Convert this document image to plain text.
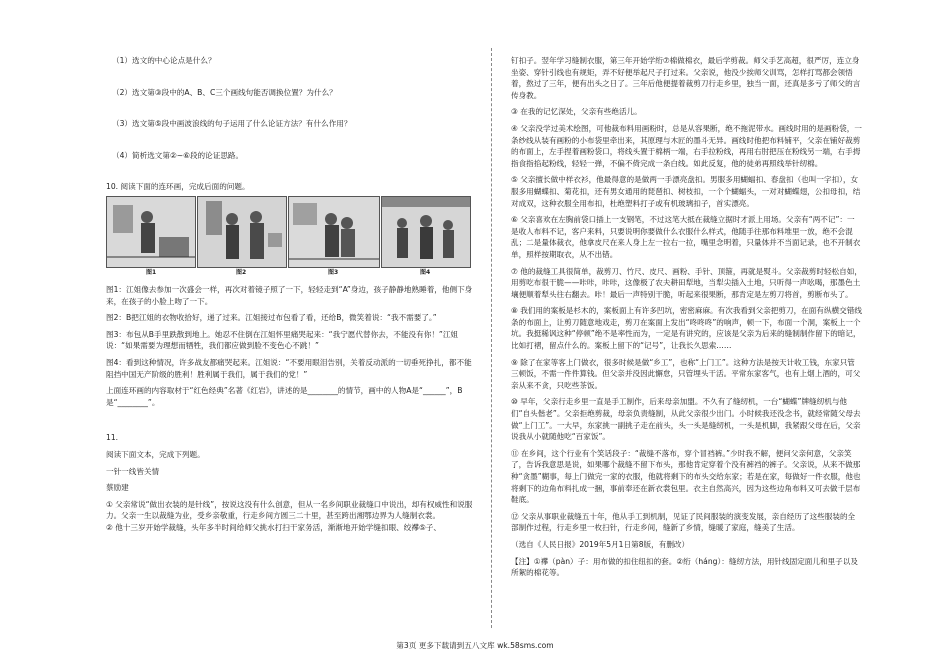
（1）选文的中心论点是什么？

（2）选文第③段中的A、B、C三个画线句能否调换位置？为什么？

（3）选文第⑤段中画波浪线的句子运用了什么论证方法？有什么作用？

（4）简析选文第②~⑥段的论证思路。

10. 阅读下面的连环画，完成后面的问题。

图1	图2	图3	图4

图1：江姐像去参加一次盛会一样，再次对着镜子照了一下，轻轻走到“A”身边，孩子静静地熟睡着，他侧下身来，在孩子的小脸上吻了一下。

图2：B把江姐的衣物收拾好，递了过来。江姐接过布包看了看，还给B，微笑着说：“我不需要了。”

图3：布包从B手里跌散到地上。她忍不住倒在江姐怀里痛哭起来：“我宁愿代替你去，不能没有你！”江姐说：“如果需要为理想而牺牲，我们都应做到脸不变色心不跳！”

图4：看到这种情况，许多战友都痛哭起来。江姐说：“不要用眼泪告别，关着反动派的一切垂死挣扎，都不能阻挡中国无产阶级的胜利！胜利属于我们，属于我们的党！”

上面连环画的内容取材于“红色经典”名著《红岩》，讲述的是________的情节，画中的人物A是“______”，B是“________”。

11.

阅读下面文本，完成下列题。

一针一线皆关情

蔡励建

① 父亲常说“做出衣装的是针线”，按说这没有什么创意，但从一名乡间职业裁缝口中说出，却有权威性和说服力。父亲一生以裁缝为业，受乡亲敬重，行走乡间方圆三二十里，甚至跨出湘鄂边界为人缝制衣裳。

② 他十三岁开始学裁缝，头年多半时间给师父挑水打扫干家务活，渐渐地开始学缝扣眼、绞襻⑤子、

钉扣子。翌年学习缝制衣服，第三年开始学绗⑦棉做棉衣，最后学剪裁。师父手艺高超，很严厉，连立身坐姿、穿针引线也有规矩，弄不好便举起尺子打过来。父亲说，他没少挨师父训骂，怎样打骂都会领悟着，熬过了三年，便有出头之日了。三年后他便提着裁剪刀行走乡里，独当一面，还真是多亏了师父的言传身教。

③ 在我的记忆深处，父亲有些绝活儿。

④ 父亲没学过美术绘图，可他裁布料用画粉时，总是从容果断，绝不拖泥带水。画线时用的是画粉袋，一条纱线从装有画粉的小布袋里牵出来，其原理与木匠的墨斗无异。画线时他把布料铺平，父亲在铺好裁剪的布面上，左手捏着画粉袋口，将线头置于棉柄一端，右手拉粉线，再用右肘把压在粉线另一端，右手拇指食指掐起粉线，轻轻一弹，不偏不倚完成一条白线。如此反复，他的徒弟再照线举针纫棉。

⑤ 父亲擅长做中样衣衫，他最得意的是做两一手漂亮盘扣。男服多用蝴蝠扣、春盘扣（也叫一字扣），女服多用蝴蝶扣、菊花扣，还有男女通用的琵琶扣、树枝扣，一个个蝴蝠头，一对对蝴蝶翅，公扣母扣，结对成双，这种衣服全用布扣，杜绝塑料打子或有机玻璃扣子，首实漂亮。

⑥ 父亲喜欢在左胸前袋口插上一支钢笔，不过这笔大抵在裁缝立据时才派上用场。父亲有“两不记”：一是收人布料不记，客户来料，只要说明你要做什么衣服什么样式，他随手往那布料堆里一放，绝不会混乱；二是量体裁衣，他拿皮尺在来人身上左一拉右一拉，嘴里念明着，只量体并不当面记录，也不开制衣单，照样按期取衣，从不出错。

⑦ 他的裁缝工具很简单，裁剪刀、竹尺、皮尺、画粉、手针、顶箍，再就是熨斗。父亲裁剪时轻松自如，用剪吃布很干脆——咔咔，咔咔，这像极了农夫耕田犁地，当犁尖插入土地，只听得一声吆喝，那墨色土壤便顺着犁头往右翻去。咔！最后一声特别干脆，听起来很果断，那肯定是左剪刀将首，剪断布头了。

⑧ 我们用的案板是杉木的，案板面上有许多凹坑，密密麻麻。有次我看到父亲把剪刀，在面有纵横交错线条的布面上，让剪刀随意地戏走，剪刀在案面上发出“咚咚咚”的响声，顿一下，布面一个洞，案板上一个坑。我挺稀讽这种“停顿”绝不是率性而为，一定是有讲究的，应该是父亲为后来的缝制制作留下的暗记，比如打褶，留点什么的。案板上留下的“记号”，让我长久思索……

⑨ 除了在家等客上门做衣，很多时候是做“乡工”，也称“上门工”。这种方法是按天计收工钱，东家只管三顿饭，不需一件件算钱。但父亲并没因此懈怠，只管埋头干活。平常东家客气，也有上烟上酒的，可父亲从来不贪，只吃些茶饭。

⑩ 早年，父亲行走乡里一直是手工制作，后来母亲加盟。不久有了缝纫机，一台“蝴蝶”牌缝纫机与他们“自头偕老”。父亲拒绝剪裁，母亲负责缝制，从此父亲很少出门。小时候我还没念书，就经常随父母去做“上门工”。一大早，东家挑一副挑子走在前头，头一头是缝纫机，一头是机脚，我紧跟父母在后，父亲说我从小就随他吃“百家饭”。

⑪ 在乡间，这个行业有个笑话段子：“裁缝不落布，穿个冒裆裤。”少时我不解，便问父亲何意，父亲笑了，告诉我意思是说，如果哪个裁缝不留下布头，那他肯定穿着个没有裤裆的裤子。父亲说，从来不做那种“贪墨”糊事，每上门做完一家的衣服，他就将剩下的布头交给东家；若是在家，每做好一件衣服，他也将剩下的边角布料扎成一捆，事前奉还在新衣裳包里。衣主自然高兴，因为这些边角布料又可去做千层布鞋底。

⑫ 父亲从事职业裁缝五十年，他从手工到机制，见证了民间服装的演变发展，亲自经历了这些服装的全部制作过程，行走乡里一枚扫针，行走乡间，缝新了乡情，缝暖了家庭，缝美了生活。

（选自《人民日报》2019年5月1日第8版，有删改）

【注】①襻（pàn）子：用布做的扣住纽扣的套。②绗（háng）：缝纫方法，用针线固定面儿和里子以及所絮的棉花等。

第3页 更多下载请到五八文库 wk.58sms.com
